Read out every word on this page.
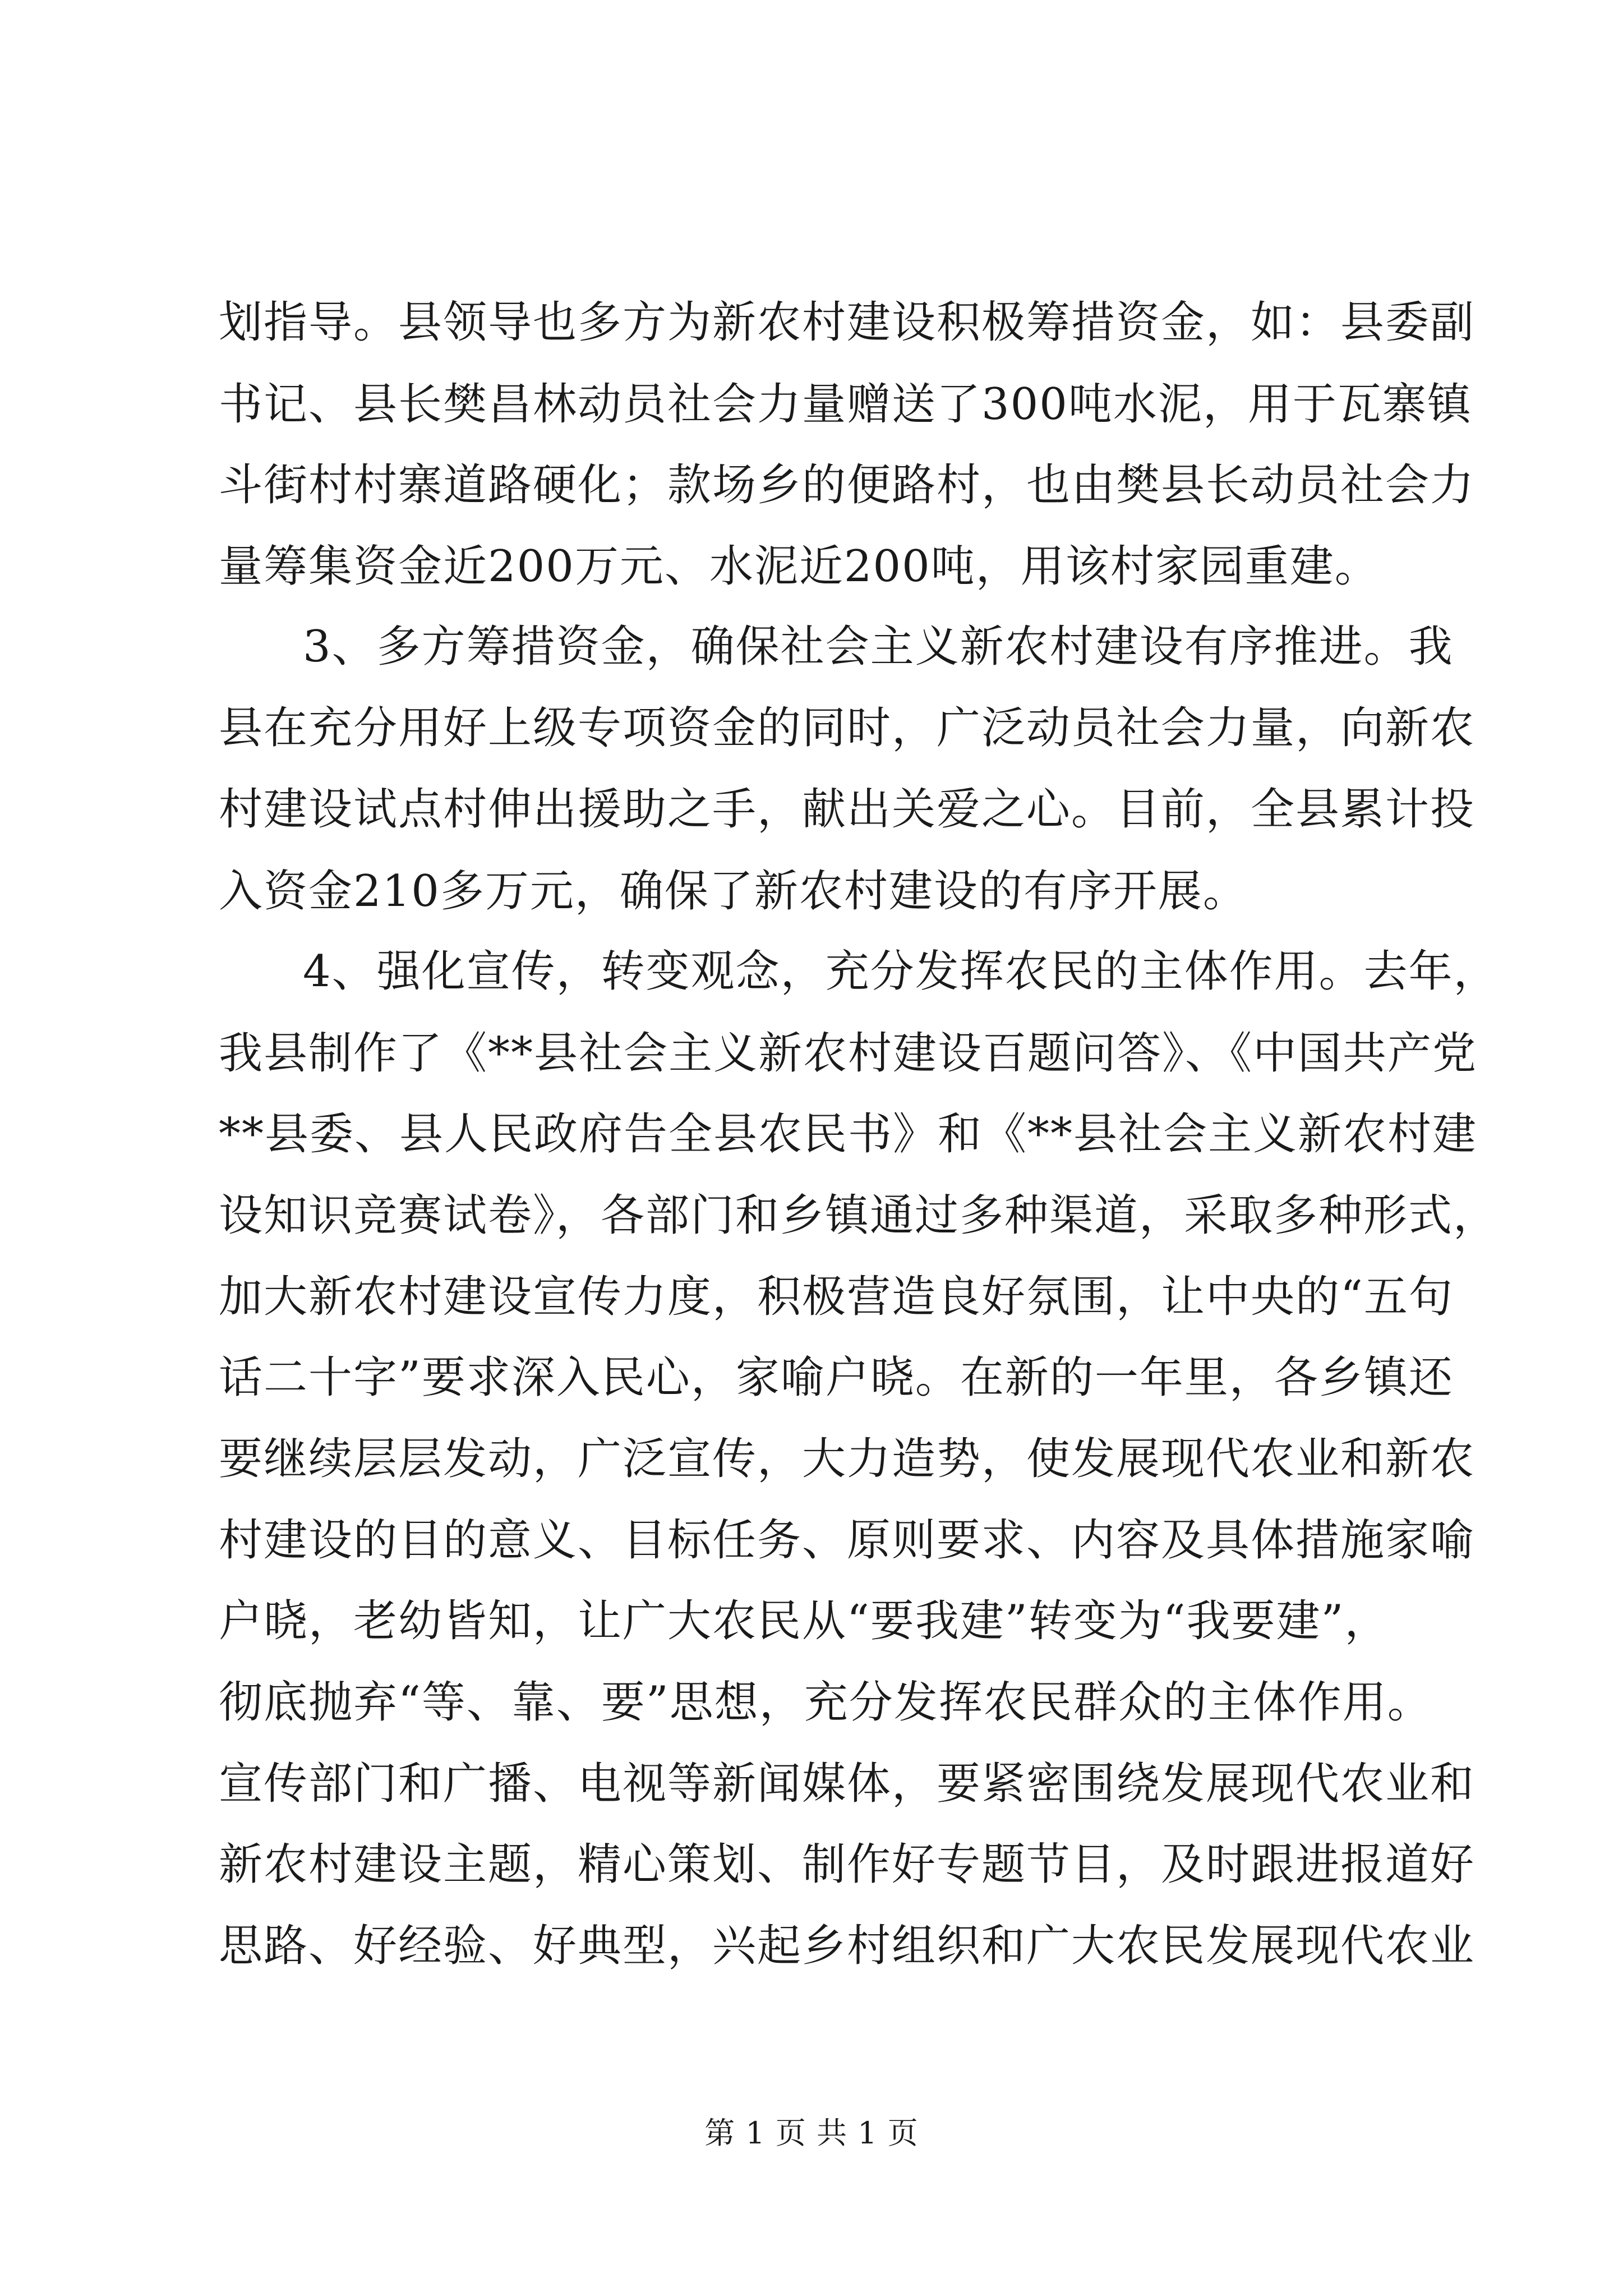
划指导。县领导也多方为新农村建设积极筹措资金，如：县委副
书记、县长樊昌林动员社会力量赠送了300吨水泥，用于瓦寨镇
斗街村村寨道路硬化；款场乡的便路村，也由樊县长动员社会力
量筹集资金近200万元、水泥近200吨，用该村家园重建。
3、多方筹措资金，确保社会主义新农村建设有序推进。我
县在充分用好上级专项资金的同时，广泛动员社会力量，向新农
村建设试点村伸出援助之手，献出关爱之心。目前，全县累计投
入资金210多万元，确保了新农村建设的有序开展。
4、强化宣传，转变观念，充分发挥农民的主体作用。去年，
我县制作了《**县社会主义新农村建设百题问答》、《中国共产党
**县委、县人民政府告全县农民书》和《**县社会主义新农村建
设知识竞赛试卷》，各部门和乡镇通过多种渠道，采取多种形式，
加大新农村建设宣传力度，积极营造良好氛围，让中央的“五句
话二十字”要求深入民心，家喻户晓。在新的一年里，各乡镇还
要继续层层发动，广泛宣传，大力造势，使发展现代农业和新农
村建设的目的意义、目标任务、原则要求、内容及具体措施家喻
户晓，老幼皆知，让广大农民从“要我建”转变为“我要建”，
彻底抛弃“等、靠、要”思想，充分发挥农民群众的主体作用。
宣传部门和广播、电视等新闻媒体，要紧密围绕发展现代农业和
新农村建设主题，精心策划、制作好专题节目，及时跟进报道好
思路、好经验、好典型，兴起乡村组织和广大农民发展现代农业
第 1 页 共 1 页
